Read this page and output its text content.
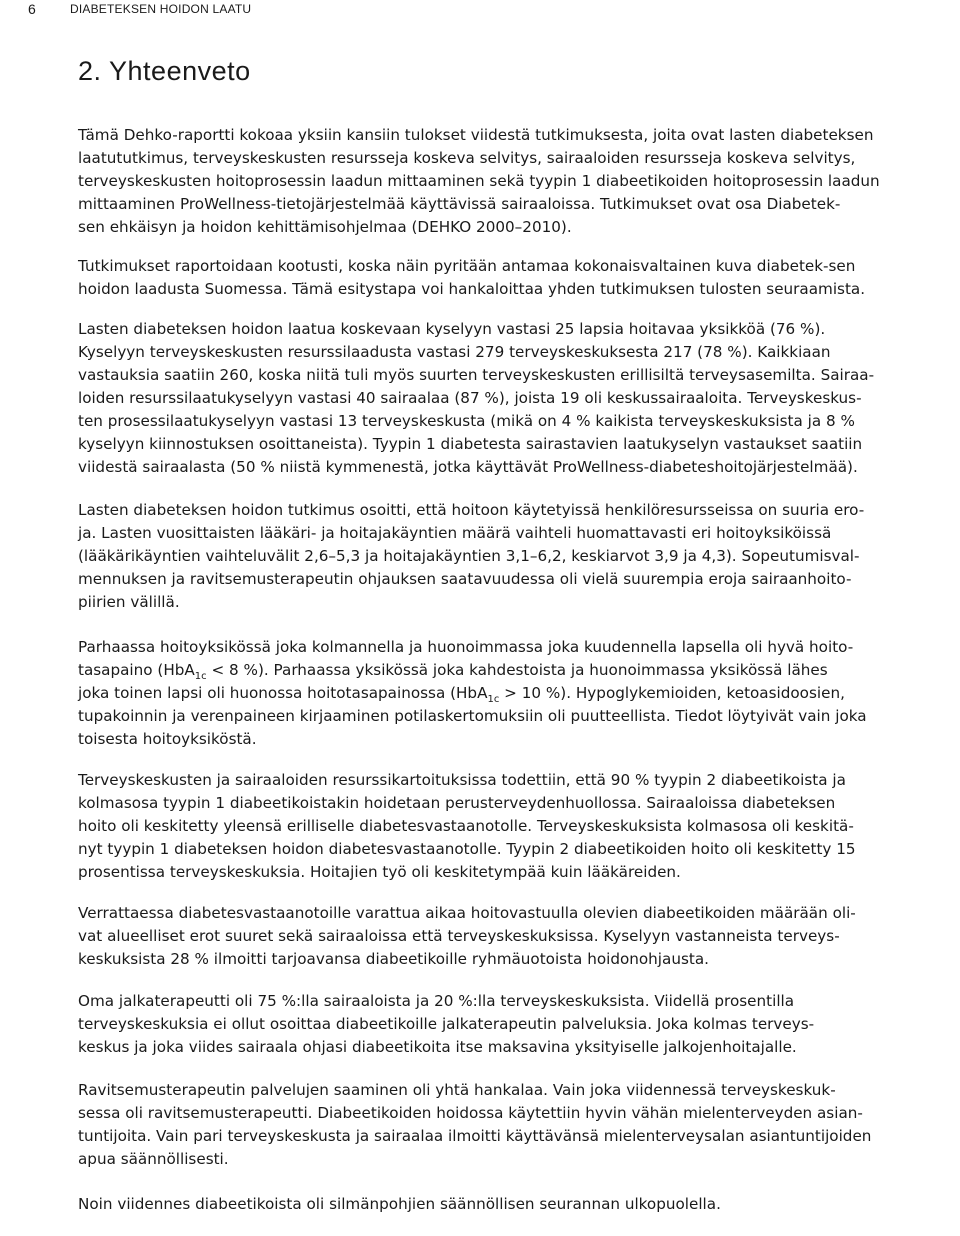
6	DIABETEKSEN HOIDON LAATU
2. Yhteenveto

Tämä Dehko-raportti kokoaa yksiin kansiin tulokset viidestä tutkimuksesta, joita ovat lasten diabeteksen
laatututkimus, terveyskeskusten resursseja koskeva selvitys, sairaaloiden resursseja koskeva selvitys,
terveyskeskusten hoitoprosessin laadun mittaaminen sekä tyypin 1 diabeetikoiden hoitoprosessin laadun
mittaaminen ProWellness-tietojärjestelmää käyttävissä sairaaloissa. Tutkimukset ovat osa Diabetek-
sen ehkäisyn ja hoidon kehittämisohjelmaa (DEHKO 2000–2010).

Tutkimukset raportoidaan kootusti, koska näin pyritään antamaa kokonaisvaltainen kuva diabetek-sen
hoidon laadusta Suomessa. Tämä esitystapa voi hankaloittaa yhden tutkimuksen tulosten seuraamista.

Lasten diabeteksen hoidon laatua koskevaan kyselyyn vastasi 25 lapsia hoitavaa yksikköä (76 %).
Kyselyyn terveyskeskusten resurssilaadusta vastasi 279 terveyskeskuksesta 217 (78 %). Kaikkiaan
vastauksia saatiin 260, koska niitä tuli myös suurten terveyskeskusten erillisiltä terveysasemilta. Sairaa-
loiden resurssilaatukyselyyn vastasi 40 sairaalaa (87 %), joista 19 oli keskussairaaloita. Terveyskeskus-
ten prosessilaatukyselyyn vastasi 13 terveyskeskusta (mikä on 4 % kaikista terveyskeskuksista ja 8 %
kyselyyn kiinnostuksen osoittaneista). Tyypin 1 diabetesta sairastavien laatukyselyn vastaukset saatiin
viidestä sairaalasta (50 % niistä kymmenestä, jotka käyttävät ProWellness-diabeteshoitojärjestelmää).

Lasten diabeteksen hoidon tutkimus osoitti, että hoitoon käytetyissä henkilöresursseissa on suuria ero-
ja. Lasten vuosittaisten lääkäri- ja hoitajakäyntien määrä vaihteli huomattavasti eri hoitoyksiköissä
(lääkärikäyntien vaihteluvälit 2,6–5,3 ja hoitajakäyntien 3,1–6,2, keskiarvot 3,9 ja 4,3). Sopeutumisval-
mennuksen ja ravitsemusterapeutin ohjauksen saatavuudessa oli vielä suurempia eroja sairaanhoito-
piirien välillä.

Parhaassa hoitoyksikössä joka kolmannella ja huonoimmassa joka kuudennella lapsella oli hyvä hoito-
tasapaino (HbA$_{1c}$ < 8 %). Parhaassa yksikössä joka kahdestoista ja huonoimmassa yksikössä lähes
joka toinen lapsi oli huonossa hoitotasapainossa (HbA$_{1c}$ > 10 %). Hypoglykemioiden, ketoasidoosien,
tupakoinnin ja verenpaineen kirjaaminen potilaskertomuksiin oli puutteellista. Tiedot löytyivät vain joka
toisesta hoitoyksiköstä.

Terveyskeskusten ja sairaaloiden resurssikartoituksissa todettiin, että 90 % tyypin 2 diabeetikoista ja
kolmasosa tyypin 1 diabeetikoistakin hoidetaan perusterveydenhuollossa. Sairaaloissa diabeteksen
hoito oli keskitetty yleensä erilliselle diabetesvastaanotolle. Terveyskeskuksista kolmasosa oli keskitä-
nyt tyypin 1 diabeteksen hoidon diabetesvastaanotolle. Tyypin 2 diabeetikoiden hoito oli keskitetty 15
prosentissa terveyskeskuksia. Hoitajien työ oli keskitetympää kuin lääkäreiden.

Verrattaessa diabetesvastaanotoille varattua aikaa hoitovastuulla olevien diabeetikoiden määrään oli-
vat alueelliset erot suuret sekä sairaaloissa että terveyskeskuksissa. Kyselyyn vastanneista terveys-
keskuksista 28 % ilmoitti tarjoavansa diabeetikoille ryhmäuotoista hoidonohjausta.

Oma jalkaterapeutti oli 75 %:lla sairaaloista ja 20 %:lla terveyskeskuksista. Viidellä prosentilla
terveyskeskuksia ei ollut osoittaa diabeetikoille jalkaterapeutin palveluksia. Joka kolmas terveys-
keskus ja joka viides sairaala ohjasi diabeetikoita itse maksavina yksityiselle jalkojenhoitajalle.

Ravitsemusterapeutin palvelujen saaminen oli yhtä hankalaa. Vain joka viidennessä terveyskeskuk-
sessa oli ravitsemusterapeutti. Diabeetikoiden hoidossa käytettiin hyvin vähän mielenterveyden asian-
tuntijoita. Vain pari terveyskeskusta ja sairaalaa ilmoitti käyttävänsä mielenterveysalan asiantuntijoiden
apua säännöllisesti.

Noin viidennes diabeetikoista oli silmänpohjien säännöllisen seurannan ulkopuolella.
